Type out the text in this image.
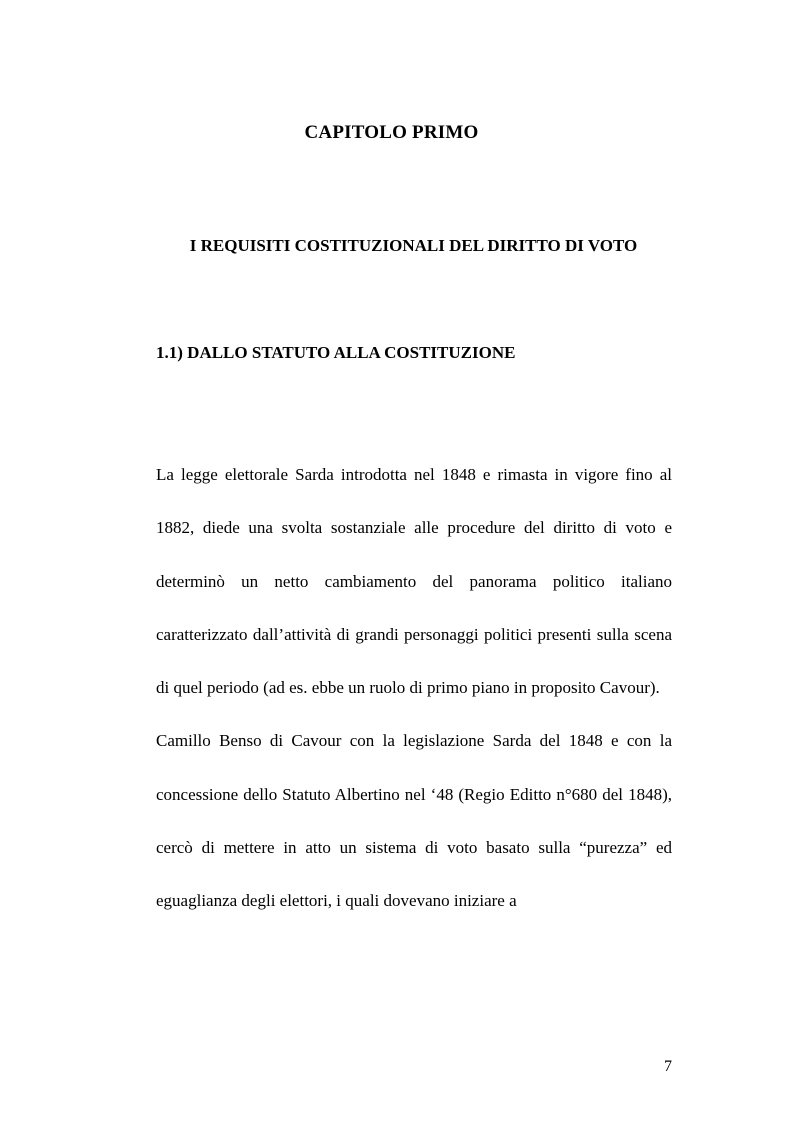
CAPITOLO PRIMO
I REQUISITI COSTITUZIONALI DEL DIRITTO DI VOTO
1.1) DALLO STATUTO ALLA COSTITUZIONE

La legge elettorale Sarda introdotta nel 1848 e rimasta in vigore fino al 1882, diede una svolta sostanziale alle procedure del diritto di voto e determinò un netto cambiamento del panorama politico italiano caratterizzato dall’attività di grandi personaggi politici presenti sulla scena di quel periodo (ad es. ebbe un ruolo di primo piano in proposito Cavour).

Camillo Benso di Cavour con la legislazione Sarda del 1848 e con la concessione dello Statuto Albertino nel ‘48 (Regio Editto n°680 del 1848), cercò di mettere in atto un sistema di voto basato sulla “purezza” ed eguaglianza degli elettori, i quali dovevano iniziare a

7
